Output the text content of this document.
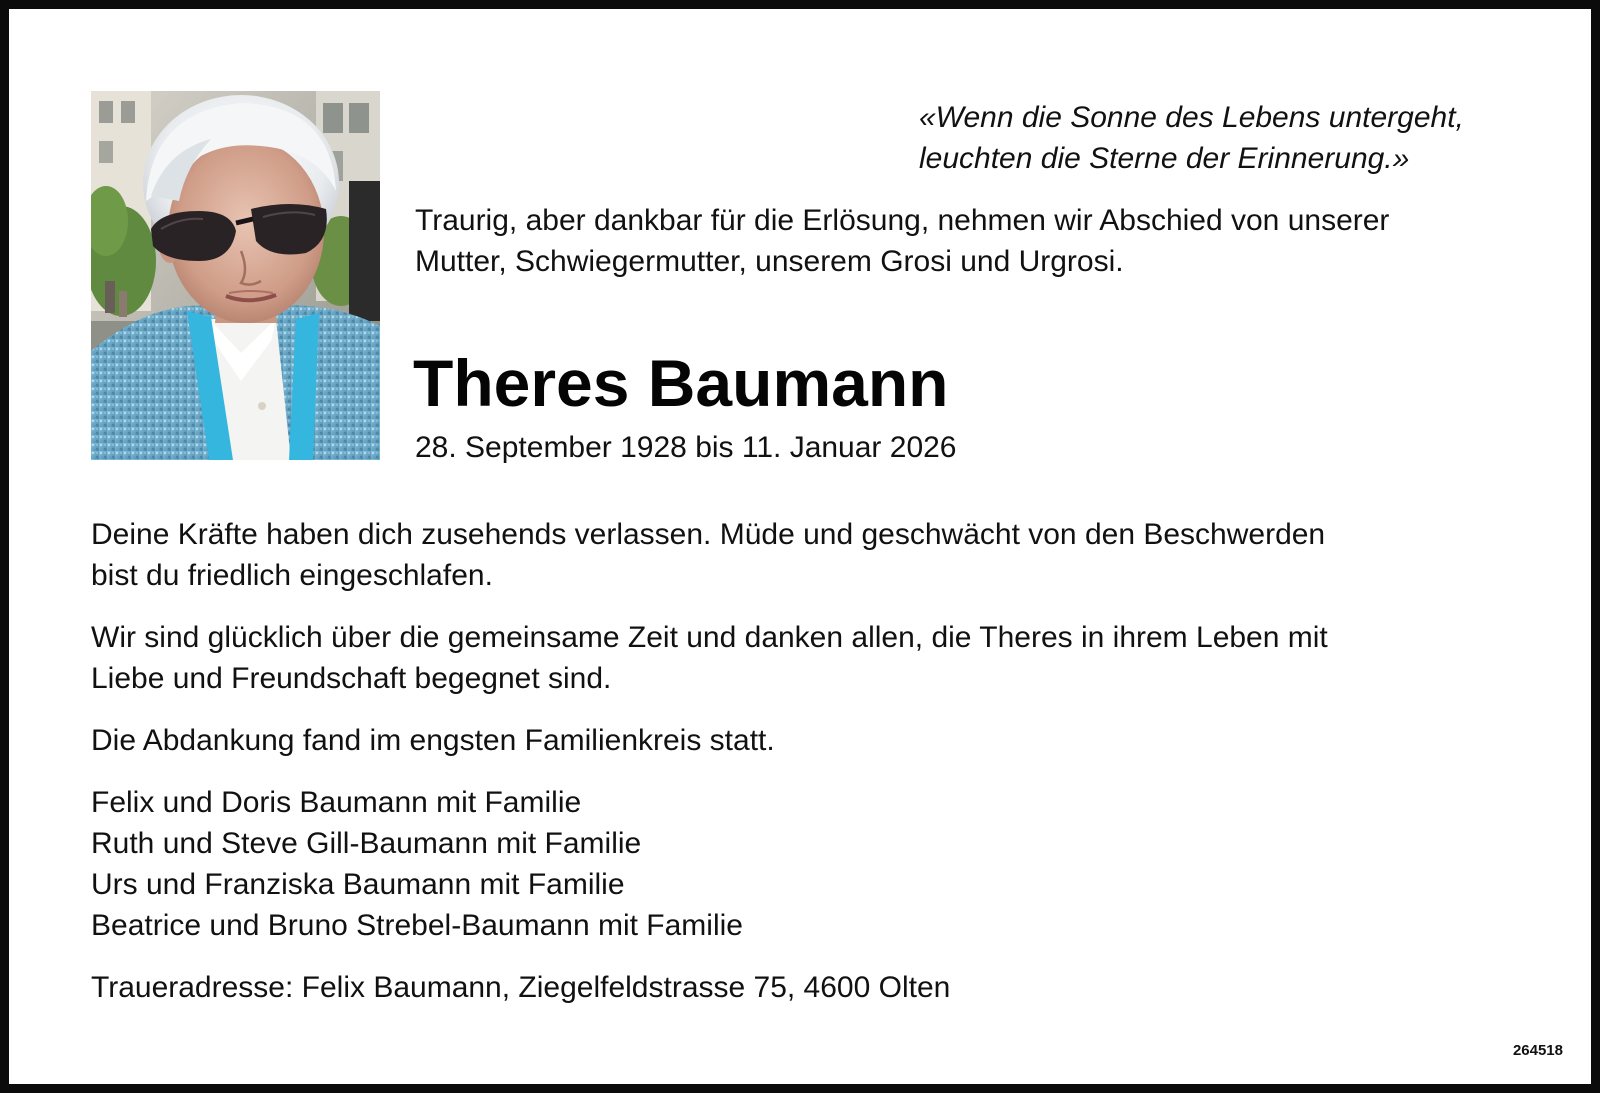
«Wenn die Sonne des Lebens untergeht,
leuchten die Sterne der Erinnerung.»
Traurig, aber dankbar für die Erlösung, nehmen wir Abschied von unserer
Mutter, Schwiegermutter, unserem Grosi und Urgrosi.
Theres Baumann
28. September 1928 bis 11. Januar 2026
Deine Kräfte haben dich zusehends verlassen. Müde und geschwächt von den Beschwerden
bist du friedlich eingeschlafen.
Wir sind glücklich über die gemeinsame Zeit und danken allen, die Theres in ihrem Leben mit
Liebe und Freundschaft begegnet sind.
Die Abdankung fand im engsten Familienkreis statt.
Felix und Doris Baumann mit Familie
Ruth und Steve Gill-Baumann mit Familie
Urs und Franziska Baumann mit Familie
Beatrice und Bruno Strebel-Baumann mit Familie
Traueradresse: Felix Baumann, Ziegelfeldstrasse 75, 4600 Olten
264518
